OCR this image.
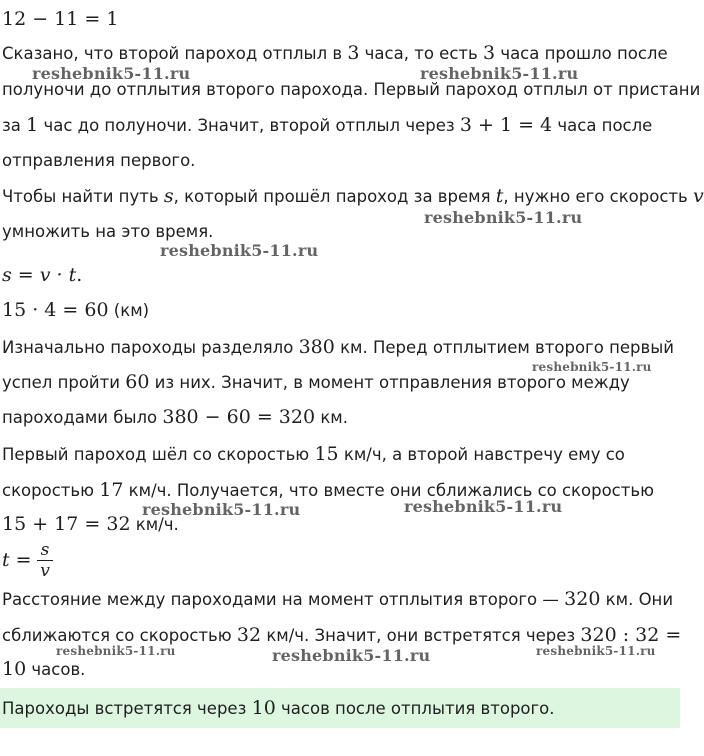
12 − 11 = 1
Сказано, что второй пароход отплыл в 3 часа, то есть 3 часа прошло после
полуночи до отплытия второго парохода. Первый пароход отплыл от пристани
за 1 час до полуночи. Значит, второй отплыл через 3 + 1 = 4 часа после
отправления первого.
Чтобы найти путь s, который прошёл пароход за время t, нужно его скорость v
умножить на это время.
s = v · t.
15 · 4 = 60 (км)
Изначально пароходы разделяло 380 км. Перед отплытием второго первый
успел пройти 60 из них. Значит, в момент отправления второго между
пароходами было 380 − 60 = 320 км.
Первый пароход шёл со скоростью 15 км/ч, а второй навстречу ему со
скоростью 17 км/ч. Получается, что вместе они сближались со скоростью
15 + 17 = 32 км/ч.
t = s
v
Расстояние между пароходами на момент отплытия второго — 320 км. Они
сближаются со скоростью 32 км/ч. Значит, они встретятся через 320 : 32 =
10 часов.
Пароходы встретятся через 10 часов после отплытия второго.
reshebnik5-11.ru	reshebnik5-11.ru
reshebnik5-11.ru
reshebnik5-11.ru
reshebnik5-11.ru
reshebnik5-11.ru	reshebnik5-11.ru
reshebnik5-11.ru	reshebnik5-11.ru	reshebnik5-11.ru
